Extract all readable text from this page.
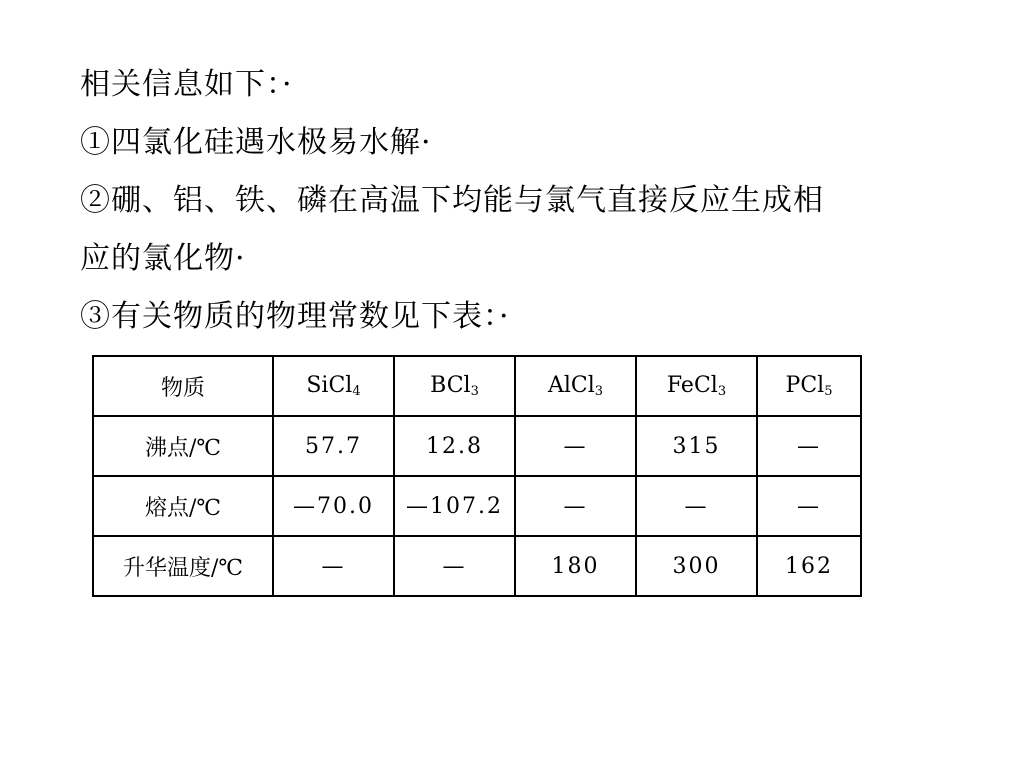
相关信息如下：·
①四氯化硅遇水极易水解·
②硼、铝、铁、磷在高温下均能与氯气直接反应生成相
应的氯化物·
③有关物质的物理常数见下表：·
物质	SiCl$_4$	BCl$_3$	AlCl$_3$	FeCl$_3$	PCl$_5$
沸点/℃	57.7	12.8	—	315	—
熔点/℃	—70.0	—107.2	—	—	—
升华温度/℃	—	—	180	300	162
